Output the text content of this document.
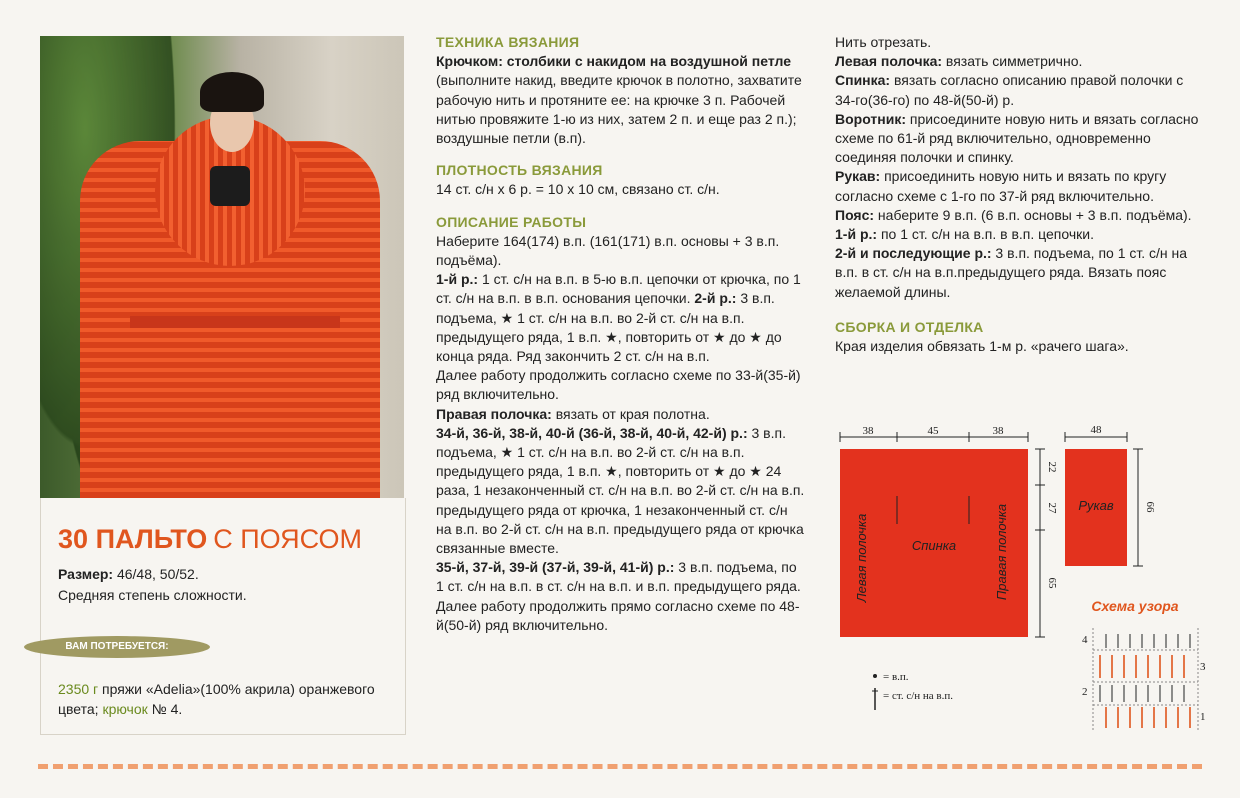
30 ПАЛЬТО С ПОЯСОМ
Размер: 46/48, 50/52.
Средняя степень сложности.
ВАМ ПОТРЕБУЕТСЯ:
2350 г пряжи «Adelia»(100% акрила) оранжевого цвета; крючок № 4.

ТЕХНИКА ВЯЗАНИЯ

Крючком: столбики с накидом на воздушной петле (выполните накид, введите крючок в полотно, захватите рабочую нить и протяните ее: на крючке 3 п. Рабочей нитью провяжите 1-ю из них, затем 2 п. и еще раз 2 п.); воздушные петли (в.п).

ПЛОТНОСТЬ ВЯЗАНИЯ

14 ст. с/н х 6 р. = 10 х 10 см, связано ст. с/н.

ОПИСАНИЕ РАБОТЫ

Наберите 164(174) в.п. (161(171) в.п. основы + 3 в.п. подъёма).

1-й р.: 1 ст. с/н на в.п. в 5-ю в.п. цепочки от крючка, по 1 ст. с/н на в.п. в в.п. основания цепочки. 2-й р.: 3 в.п. подъема, ★ 1 ст. с/н на в.п. во 2-й ст. с/н на в.п. предыдущего ряда, 1 в.п. ★, повторить от ★ до ★ до конца ряда. Ряд закончить 2 ст. с/н на в.п.

Далее работу продолжить согласно схеме по 33-й(35-й) ряд включительно.

Правая полочка: вязать от края полотна.

34-й, 36-й, 38-й, 40-й (36-й, 38-й, 40-й, 42-й) р.: 3 в.п. подъема, ★ 1 ст. с/н на в.п. во 2-й ст. с/н на в.п. предыдущего ряда, 1 в.п. ★, повторить от ★ до ★ 24 раза, 1 незаконченный ст. с/н на в.п. во 2-й ст. с/н на в.п. предыдущего ряда от крючка, 1 незаконченный ст. с/н на в.п. во 2-й ст. с/н на в.п. предыдущего ряда от крючка связанные вместе.

35-й, 37-й, 39-й (37-й, 39-й, 41-й) р.: 3 в.п. подъема, по 1 ст. с/н на в.п. в ст. с/н на в.п. и в.п. предыдущего ряда.

Далее работу продолжить прямо согласно схеме по 48-й(50-й) ряд включительно.

Нить отрезать.

Левая полочка: вязать симметрично.

Спинка: вязать согласно описанию правой полочки с 34-го(36-го) по 48-й(50-й) р.

Воротник: присоедините новую нить и вязать согласно схеме по 61-й ряд включительно, одновременно соединяя полочки и спинку.

Рукав: присоединить новую нить и вязать по кругу согласно схеме с 1-го по 37-й ряд включительно.

Пояс: наберите 9 в.п. (6 в.п. основы + 3 в.п. подъёма).

1-й р.: по 1 ст. с/н на в.п. в в.п. цепочки.

2-й и последующие р.: 3 в.п. подъема, по 1 ст. с/н на в.п. в ст. с/н на в.п.предыдущего ряда. Вязать пояс желаемой длины.

СБОРКА И ОТДЕЛКА

Края изделия обвязать 1-м р. «рачего шага».

38	45	38
Левая полочка	Спинка	Правая полочка
22
27
65
48
Рукав	66
= в.п.
= ст. с/н на в.п.
Схема узора
4
3
2
1
